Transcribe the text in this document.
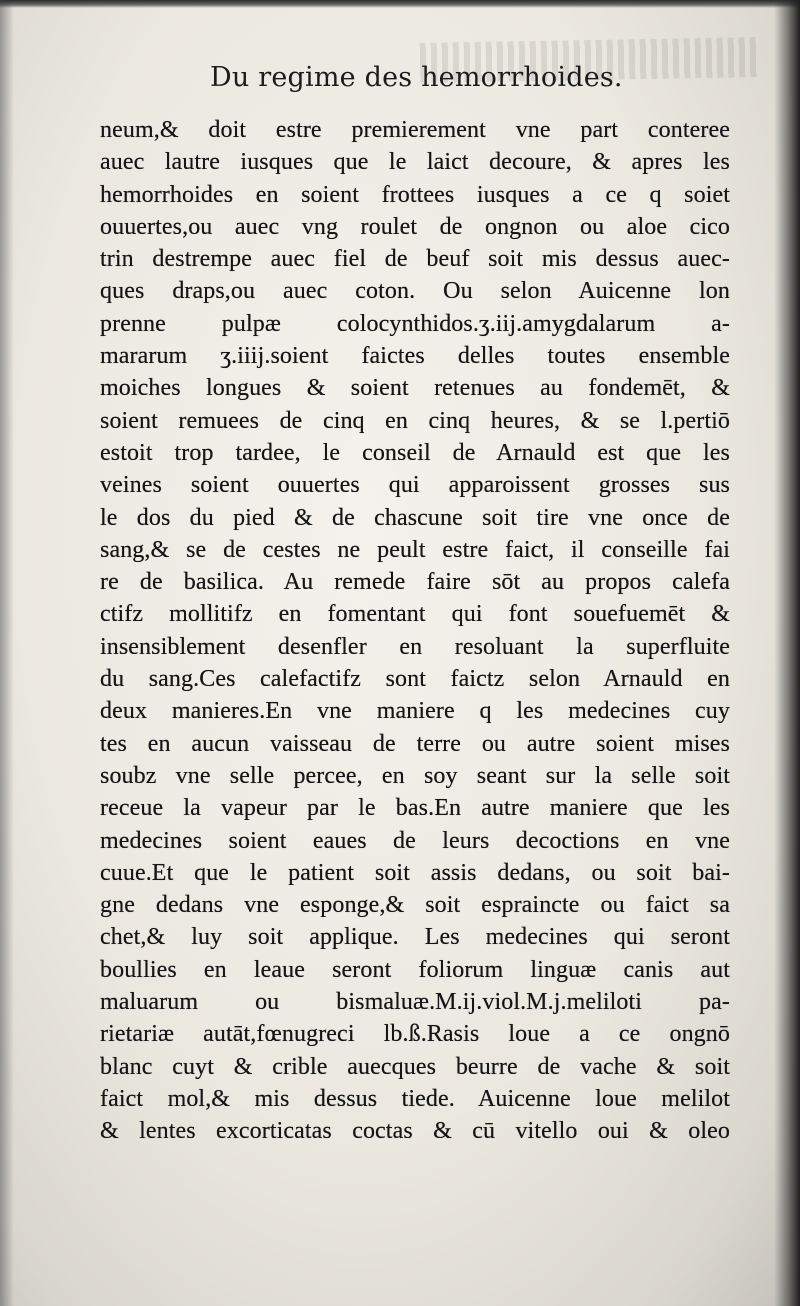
Du regime des hemorrhoides.
neum,& doit estre premierement vne part conteree
auec lautre iusques que le laict decoure, & apres les
hemorrhoides en soient frottees iusques a ce q soiet
ouuertes,ou auec vng roulet de ongnon ou aloe cico
trin destrempe auec fiel de beuf soit mis dessus auec-
ques draps,ou auec coton. Ou selon Auicenne lon
prenne pulpæ colocynthidos.ʒ.iij.amygdalarum a-
mararum ʒ.iiij.soient faictes delles toutes ensemble
moiches longues & soient retenues au fondemēt, &
soient remuees de cinq en cinq heures, & se l.pertiō
estoit trop tardee, le conseil de Arnauld est que les
veines soient ouuertes qui apparoissent grosses sus
le dos du pied & de chascune soit tire vne once de
sang,& se de cestes ne peult estre faict, il conseille fai
re de basilica. Au remede faire sōt au propos calefa
ctifz mollitifz en fomentant qui font souefuemēt &
insensiblement desenfler en resoluant la superfluite
du sang.Ces calefactifz sont faictz selon Arnauld en
deux manieres.En vne maniere q les medecines cuy
tes en aucun vaisseau de terre ou autre soient mises
soubz vne selle percee, en soy seant sur la selle soit
receue la vapeur par le bas.En autre maniere que les
medecines soient eaues de leurs decoctions en vne
cuue.Et que le patient soit assis dedans, ou soit bai-
gne dedans vne esponge,& soit espraincte ou faict sa
chet,& luy soit applique. Les medecines qui seront
boullies en leaue seront foliorum linguæ canis aut
maluarum ou bismaluæ.M.ij.viol.M.j.meliloti pa-
rietariæ autāt,fœnugreci lb.ß.Rasis loue a ce ongnō
blanc cuyt & crible auecques beurre de vache & soit
faict mol,& mis dessus tiede. Auicenne loue melilot
& lentes excorticatas coctas & cū vitello oui & oleo
